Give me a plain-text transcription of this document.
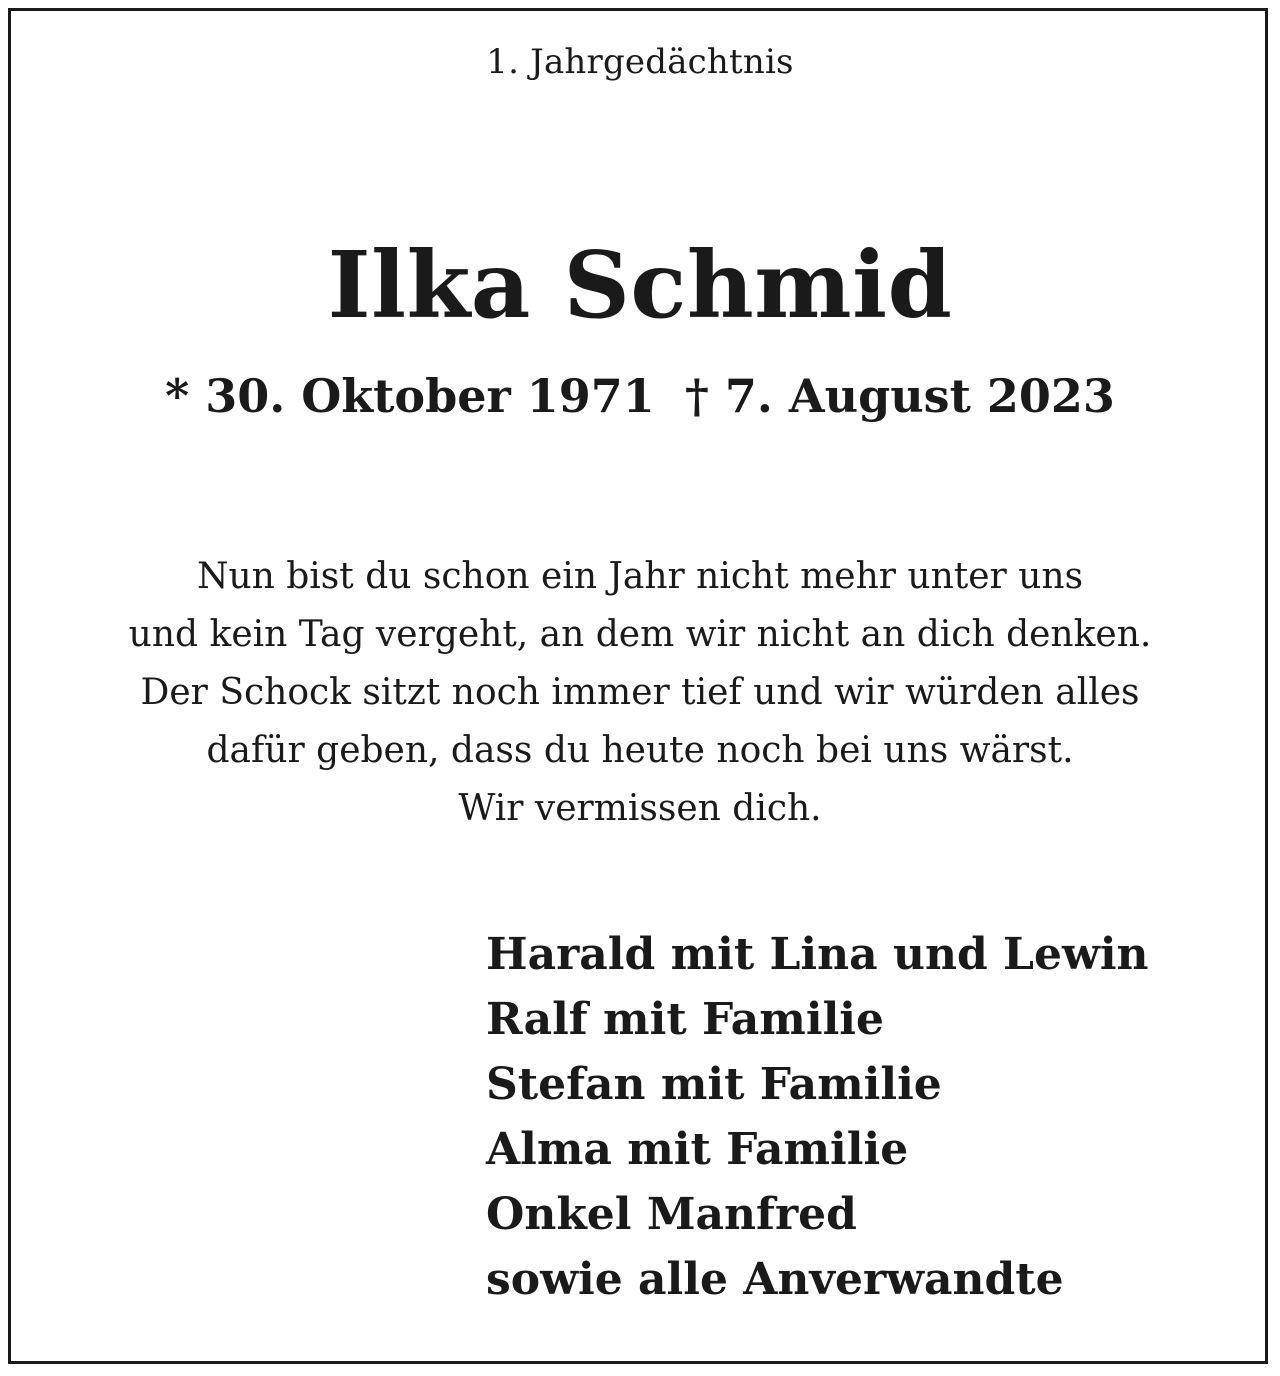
1. Jahrgedächtnis
Ilka Schmid
* 30. Oktober 1971 † 7. August 2023
Nun bist du schon ein Jahr nicht mehr unter uns
und kein Tag vergeht, an dem wir nicht an dich denken.
Der Schock sitzt noch immer tief und wir würden alles
dafür geben, dass du heute noch bei uns wärst.
Wir vermissen dich.
Harald mit Lina und Lewin
Ralf mit Familie
Stefan mit Familie
Alma mit Familie
Onkel Manfred
sowie alle Anverwandte
